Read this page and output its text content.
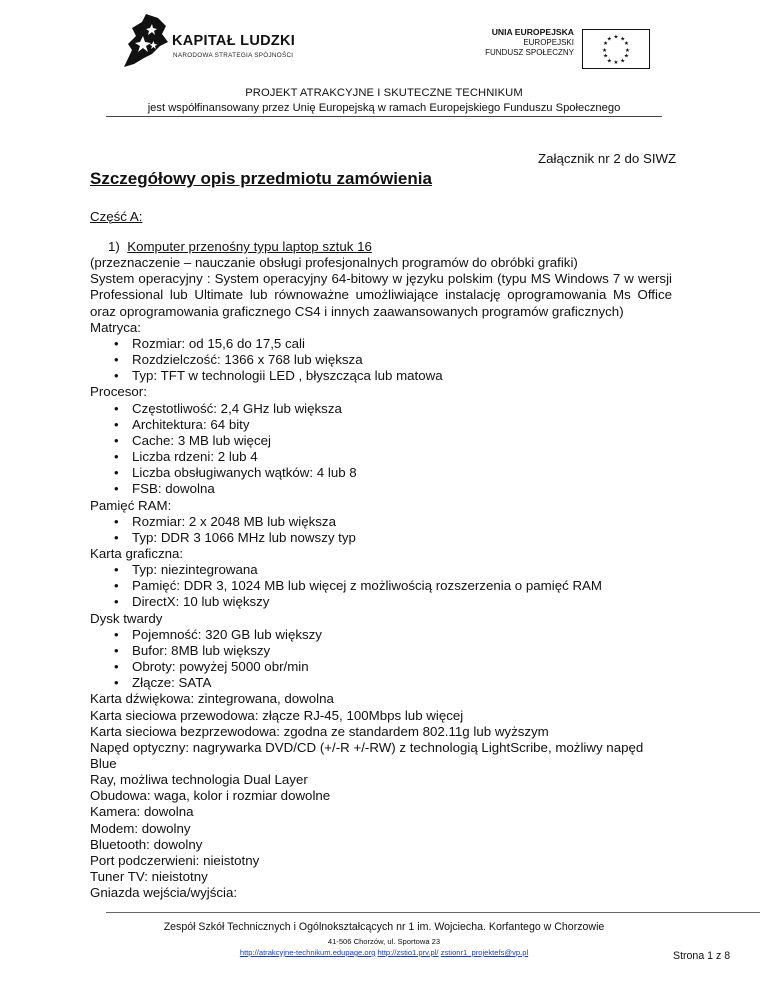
KAPITAŁ LUDZKI
NARODOWA STRATEGIA SPÓJNOŚCI
UNIA EUROPEJSKA
EUROPEJSKI
FUNDUSZ SPOŁECZNY
★ ★
★
★
★
★
★
★
★
★
★
★
PROJEKT ATRAKCYJNE I SKUTECZNE TECHNIKUM
jest współfinansowany przez Unię Europejską w ramach Europejskiego Funduszu Społecznego
Załącznik nr 2 do SIWZ
Szczegółowy opis przedmiotu zamówienia
Część A:

1) Komputer przenośny typu laptop sztuk 16

(przeznaczenie – nauczanie obsługi profesjonalnych programów do obróbki grafiki)

System operacyjny : System operacyjny 64-bitowy w języku polskim (typu MS Windows 7 w wersji Professional lub Ultimate lub równoważne umożliwiające instalację oprogramowania Ms Office oraz oprogramowania graficznego CS4 i innych zaawansowanych programów graficznych)

Matryca:

• Rozmiar: od 15,6 do 17,5 cali

• Rozdzielczość: 1366 x 768 lub większa

• Typ: TFT w technologii LED , błyszcząca lub matowa

Procesor:

• Częstotliwość: 2,4 GHz lub większa

• Architektura: 64 bity

• Cache: 3 MB lub więcej

• Liczba rdzeni: 2 lub 4

• Liczba obsługiwanych wątków: 4 lub 8

• FSB: dowolna

Pamięć RAM:

• Rozmiar: 2 x 2048 MB lub większa

• Typ: DDR 3 1066 MHz lub nowszy typ

Karta graficzna:

• Typ: niezintegrowana

• Pamięć: DDR 3, 1024 MB lub więcej z możliwością rozszerzenia o pamięć RAM

• DirectX: 10 lub większy

Dysk twardy

• Pojemność: 320 GB lub większy

• Bufor: 8MB lub większy

• Obroty: powyżej 5000 obr/min

• Złącze: SATA

Karta dźwiękowa: zintegrowana, dowolna

Karta sieciowa przewodowa: złącze RJ-45, 100Mbps lub więcej

Karta sieciowa bezprzewodowa: zgodna ze standardem 802.11g lub wyższym

Napęd optyczny: nagrywarka DVD/CD (+/-R +/-RW) z technologią LightScribe, możliwy napęd Blue

Ray, możliwa technologia Dual Layer

Obudowa: waga, kolor i rozmiar dowolne

Kamera: dowolna

Modem: dowolny

Bluetooth: dowolny

Port podczerwieni: nieistotny

Tuner TV: nieistotny

Gniazda wejścia/wyjścia:

Zespół Szkół Technicznych i Ogólnokształcących nr 1 im. Wojciecha. Korfantego w Chorzowie
41-506 Chorzów, ul. Sportowa 23
http://atrakcyjne-technikum.edupage.org http://zstio1.prv.pl/ zstionr1_projektefs@vp.pl	Strona 1 z 8
